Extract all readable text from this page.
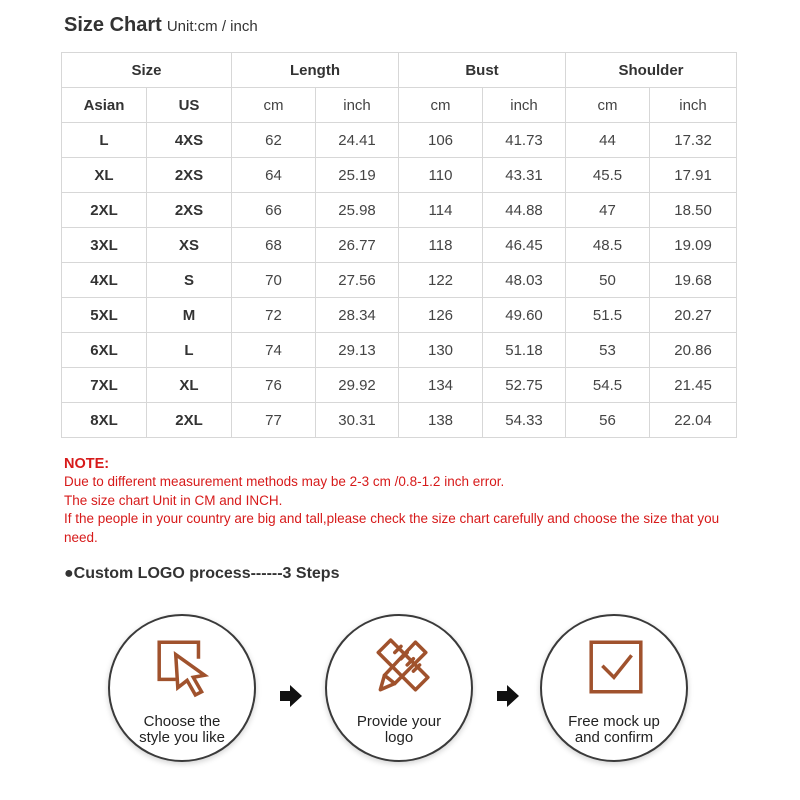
Size Chart Unit:cm / inch
Size		Length		Bust		Shoulder	
Asian	US	cm	inch	cm	inch	cm	inch
L	4XS	62	24.41	106	41.73	44	17.32
XL	2XS	64	25.19	110	43.31	45.5	17.91
2XL	2XS	66	25.98	114	44.88	47	18.50
3XL	XS	68	26.77	118	46.45	48.5	19.09
4XL	S	70	27.56	122	48.03	50	19.68
5XL	M	72	28.34	126	49.60	51.5	20.27
6XL	L	74	29.13	130	51.18	53	20.86
7XL	XL	76	29.92	134	52.75	54.5	21.45
8XL	2XL	77	30.31	138	54.33	56	22.04
NOTE:
Due to different measurement methods may be 2-3 cm /0.8-1.2 inch error.
The size chart Unit in CM and INCH.
If the people in your country are big and tall,please check the size chart carefully and choose the size that you need.
●Custom LOGO process------3 Steps
Choose the
style you like
Provide your
logo
Free mock up
and confirm
